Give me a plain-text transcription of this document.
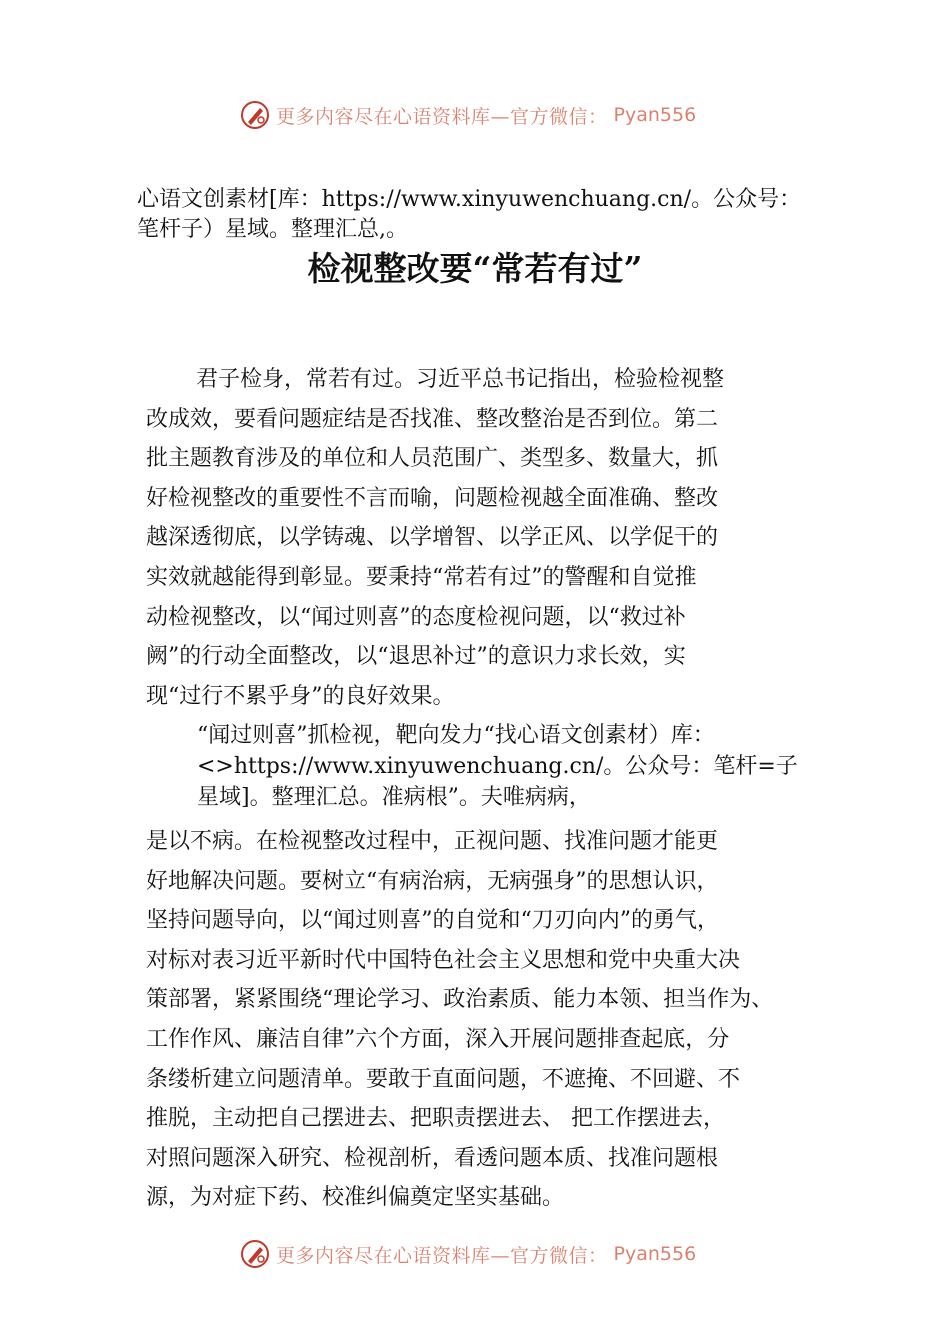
更多内容尽在心语资料库—官方微信： Pyan556
心语文创素材[库：https://www.xinyuwenchuang.cn/。公众号：
笔杆子）星域。整理汇总,。
检视整改要“常若有过”
君子检身，常若有过。习近平总书记指出，检验检视整
改成效，要看问题症结是否找准、整改整治是否到位。第二
批主题教育涉及的单位和人员范围广、类型多、数量大，抓
好检视整改的重要性不言而喻，问题检视越全面准确、整改
越深透彻底，以学铸魂、以学增智、以学正风、以学促干的
实效就越能得到彰显。要秉持“常若有过”的警醒和自觉推
动检视整改，以“闻过则喜”的态度检视问题，以“救过补
阙”的行动全面整改，以“退思补过”的意识力求长效，实
现“过行不累乎身”的良好效果。
“闻过则喜”抓检视，靶向发力“找心语文创素材）库：
<>https://www.xinyuwenchuang.cn/。公众号：笔杆=子
星域]。整理汇总。准病根”。夫唯病病，
是以不病。在检视整改过程中，正视问题、找准问题才能更
好地解决问题。要树立“有病治病，无病强身”的思想认识，
坚持问题导向，以“闻过则喜”的自觉和“刀刃向内”的勇气，
对标对表习近平新时代中国特色社会主义思想和党中央重大决
策部署，紧紧围绕“理论学习、政治素质、能力本领、担当作为、
工作作风、廉洁自律”六个方面，深入开展问题排查起底，分
条缕析建立问题清单。要敢于直面问题，不遮掩、不回避、不
推脱，主动把自己摆进去、把职责摆进去、 把工作摆进去，
对照问题深入研究、检视剖析，看透问题本质、找准问题根
源，为对症下药、校准纠偏奠定坚实基础。
更多内容尽在心语资料库—官方微信： Pyan556
